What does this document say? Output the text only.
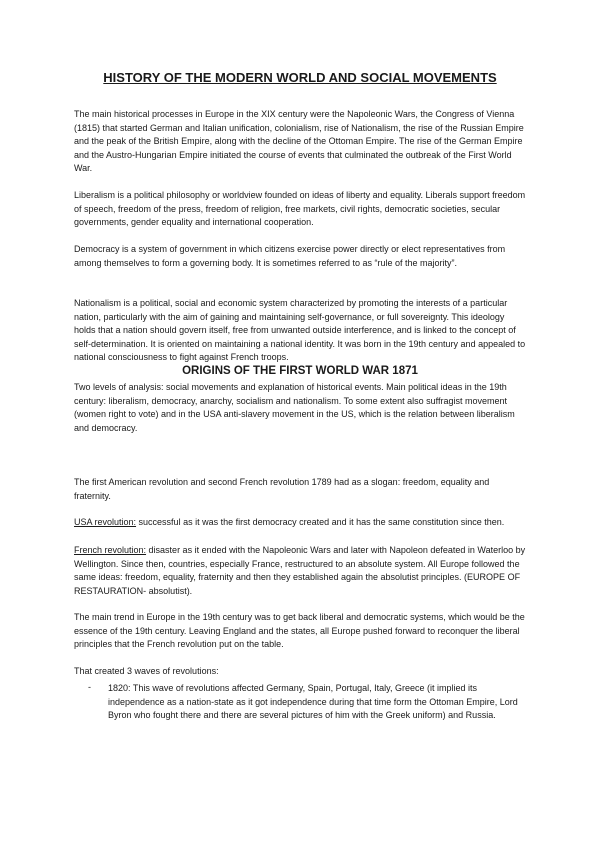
HISTORY OF THE MODERN WORLD AND SOCIAL MOVEMENTS
The main historical processes in Europe in the XIX century were the Napoleonic Wars, the Congress of Vienna (1815) that started German and Italian unification, colonialism, rise of Nationalism, the rise of the Russian Empire and the peak of the British Empire, along with the decline of the Ottoman Empire. The rise of the German Empire and the Austro-Hungarian Empire initiated the course of events that culminated the outbreak of the First World War.
Liberalism is a political philosophy or worldview founded on ideas of liberty and equality. Liberals support freedom of speech, freedom of the press, freedom of religion, free markets, civil rights, democratic societies, secular governments, gender equality and international cooperation.
Democracy is a system of government in which citizens exercise power directly or elect representatives from among themselves to form a governing body. It is sometimes referred to as “rule of the majority”.
Nationalism is a political, social and economic system characterized by promoting the interests of a particular nation, particularly with the aim of gaining and maintaining self-governance, or full sovereignty. This ideology holds that a nation should govern itself, free from unwanted outside interference, and is linked to the concept of self-determination. It is oriented on maintaining a national identity. It was born in the 19th century and appealed to national consciousness to fight against French troops.
ORIGINS OF THE FIRST WORLD WAR 1871
Two levels of analysis: social movements and explanation of historical events. Main political ideas in the 19th century: liberalism, democracy, anarchy, socialism and nationalism. To some extent also suffragist movement (women right to vote) and in the USA anti-slavery movement in the US, which is the relation between liberalism and democracy.
The first American revolution and second French revolution 1789 had as a slogan: freedom, equality and fraternity.
USA revolution: successful as it was the first democracy created and it has the same constitution since then.
French revolution: disaster as it ended with the Napoleonic Wars and later with Napoleon defeated in Waterloo by Wellington. Since then, countries, especially France, restructured to an absolute system. All Europe followed the same ideas: freedom, equality, fraternity and then they established again the absolutist principles. (EUROPE OF RESTAURATION- absolutist).
The main trend in Europe in the 19th century was to get back liberal and democratic systems, which would be the essence of the 19th century. Leaving England and the states, all Europe pushed forward to reconquer the liberal principles that the French revolution put on the table.
That created 3 waves of revolutions:
- 1820: This wave of revolutions affected Germany, Spain, Portugal, Italy, Greece (it implied its independence as a nation-state as it got independence during that time form the Ottoman Empire, Lord Byron who fought there and there are several pictures of him with the Greek uniform) and Russia.
